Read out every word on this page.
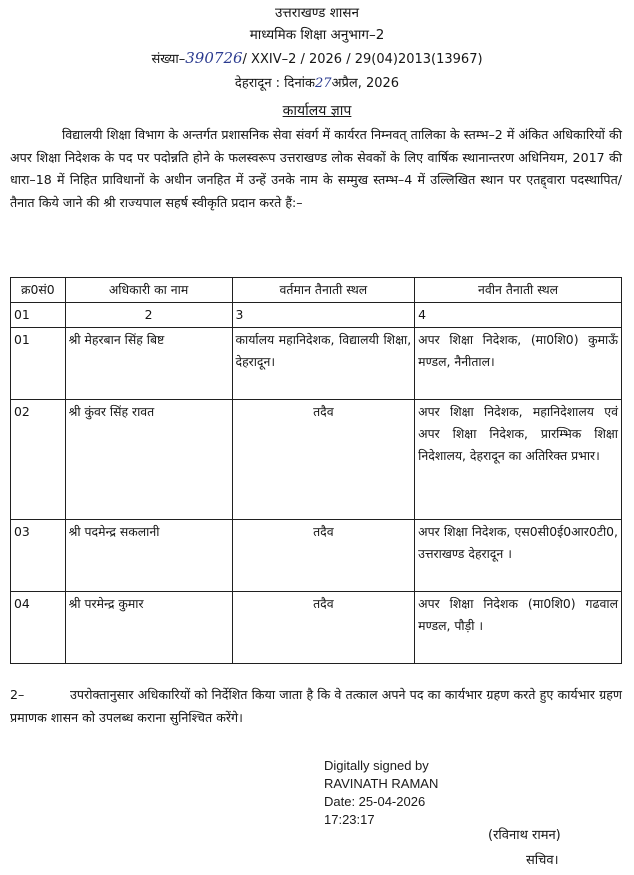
उत्तराखण्ड शासन
माध्यमिक शिक्षा अनुभाग–2
संख्या–390726/ XXIV–2 / 2026 / 29(04)2013(13967)
देहरादून : दिनांक27अप्रैल, 2026
कार्यालय ज्ञाप
विद्यालयी शिक्षा विभाग के अन्तर्गत प्रशासनिक सेवा संवर्ग में कार्यरत निम्नवत् तालिका के स्तम्भ–2 में अंकित अधिकारियों की अपर शिक्षा निदेशक के पद पर पदोन्नति होने के फलस्वरूप उत्तराखण्ड लोक सेवकों के लिए वार्षिक स्थानान्तरण अधिनियम, 2017 की धारा–18 में निहित प्राविधानों के अधीन जनहित में उन्हें उनके नाम के सम्मुख स्तम्भ–4 में उल्लिखित स्थान पर एतद्द्वारा पदस्थापित/तैनात किये जाने की श्री राज्यपाल सहर्ष स्वीकृति प्रदान करते हैं:–
क्र0सं0	अधिकारी का नाम	वर्तमान तैनाती स्थल	नवीन तैनाती स्थल
01	2	3	4
01	श्री मेहरबान सिंह बिष्ट	कार्यालय महानिदेशक, विद्यालयी शिक्षा, देहरादून।	अपर शिक्षा निदेशक, (मा0शि0) कुमाऊँ मण्डल, नैनीताल।
02	श्री कुंवर सिंह रावत	तदैव	अपर शिक्षा निदेशक, महानिदेशालय एवं अपर शिक्षा निदेशक, प्रारम्भिक शिक्षा निदेशालय, देहरादून का अतिरिक्त प्रभार।
03	श्री पदमेन्द्र सकलानी	तदैव	अपर शिक्षा निदेशक, एस0सी0ई0आर0टी0, उत्तराखण्ड देहरादून ।
04	श्री परमेन्द्र कुमार	तदैव	अपर शिक्षा निदेशक (मा0शि0) गढवाल मण्डल, पौड़ी ।
2–	उपरोक्तानुसार अधिकारियों को निर्देशित किया जाता है कि वे तत्काल अपने पद का कार्यभार ग्रहण करते हुए कार्यभार ग्रहण प्रमाणक शासन को उपलब्ध कराना सुनिश्चित करेंगे।
Digitally signed by
RAVINATH RAMAN
Date: 25-04-2026
17:23:17
(रविनाथ रामन)
सचिव।
